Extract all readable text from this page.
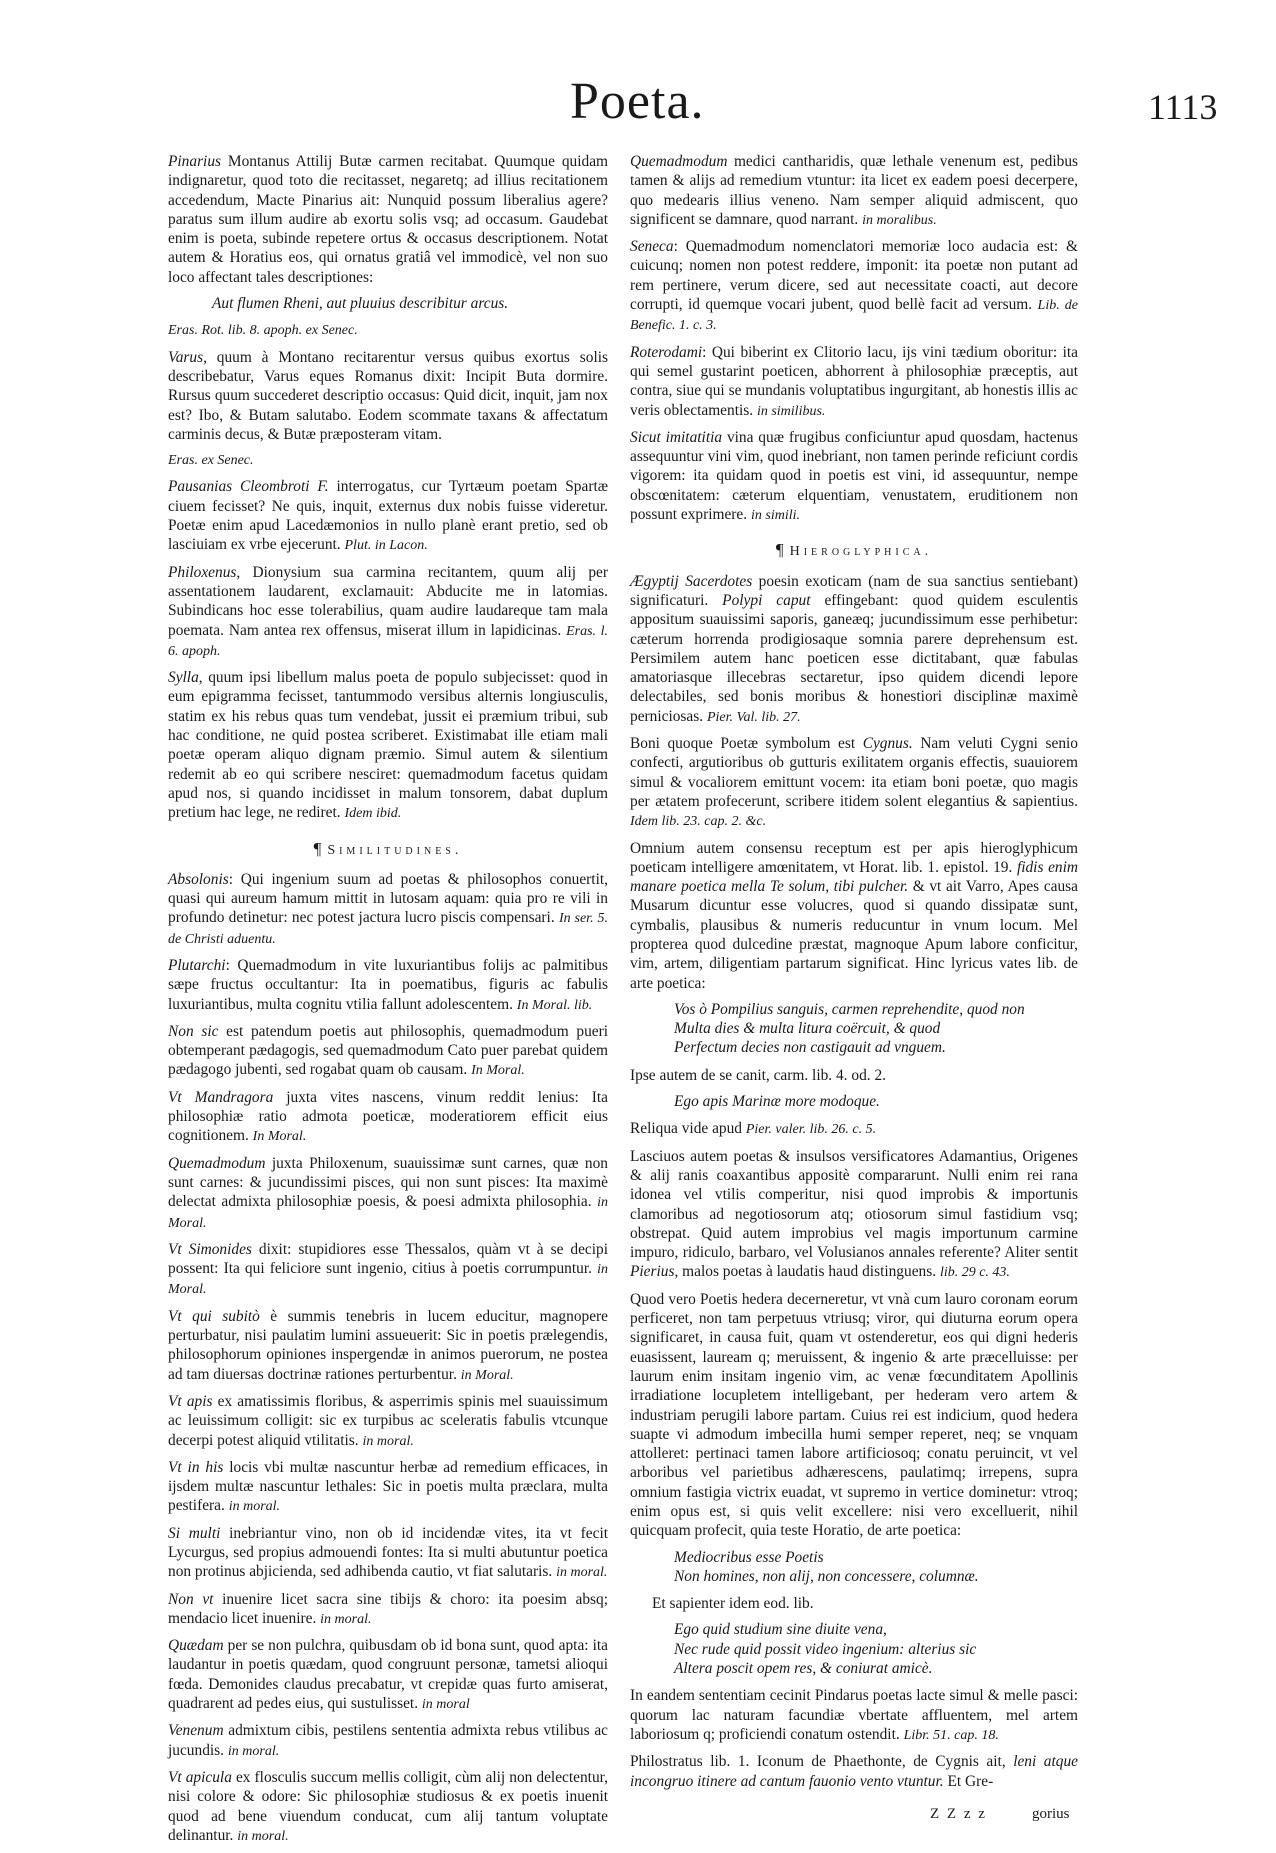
Poeta.	1113

Pinarius Montanus Attilij Butæ carmen recitabat. Quumque quidam indignaretur, quod toto die recitasset, negaretq; ad illius recitationem accedendum, Macte Pinarius ait: Nunquid possum liberalius agere? paratus sum illum audire ab exortu solis vsq; ad occasum. Gaudebat enim is poeta, subinde repetere ortus & occasus descriptionem. Notat autem & Horatius eos, qui ornatus gratiâ vel immodicè, vel non suo loco affectant tales descriptiones:

Aut flumen Rheni, aut pluuius describitur arcus.

Eras. Rot. lib. 8. apoph. ex Senec.

Varus, quum à Montano recitarentur versus quibus exortus solis describebatur, Varus eques Romanus dixit: Incipit Buta dormire. Rursus quum succederet descriptio occasus: Quid dicit, inquit, jam nox est? Ibo, & Butam salutabo. Eodem scommate taxans & affectatum carminis decus, & Butæ præposteram vitam.

Eras. ex Senec.

Pausanias Cleombroti F. interrogatus, cur Tyrtæum poetam Spartæ ciuem fecisset? Ne quis, inquit, externus dux nobis fuisse videretur. Poetæ enim apud Lacedæmonios in nullo planè erant pretio, sed ob lasciuiam ex vrbe ejecerunt. Plut. in Lacon.

Philoxenus, Dionysium sua carmina recitantem, quum alij per assentationem laudarent, exclamauit: Abducite me in latomias. Subindicans hoc esse tolerabilius, quam audire laudareque tam mala poemata. Nam antea rex offensus, miserat illum in lapidicinas. Eras. l. 6. apoph.

Sylla, quum ipsi libellum malus poeta de populo subjecisset: quod in eum epigramma fecisset, tantummodo versibus alternis longiusculis, statim ex his rebus quas tum vendebat, jussit ei præmium tribui, sub hac conditione, ne quid postea scriberet. Existimabat ille etiam mali poetæ operam aliquo dignam præmio. Simul autem & silentium redemit ab eo qui scribere nesciret: quemadmodum facetus quidam apud nos, si quando incidisset in malum tonsorem, dabat duplum pretium hac lege, ne rediret. Idem ibid.

¶ Similitudines.

Absolonis: Qui ingenium suum ad poetas & philosophos conuertit, quasi qui aureum hamum mittit in lutosam aquam: quia pro re vili in profundo detinetur: nec potest jactura lucro piscis compensari. In ser. 5. de Christi aduentu.

Plutarchi: Quemadmodum in vite luxuriantibus folijs ac palmitibus sæpe fructus occultantur: Ita in poematibus, figuris ac fabulis luxuriantibus, multa cognitu vtilia fallunt adolescentem. In Moral. lib.

Non sic est patendum poetis aut philosophis, quemadmodum pueri obtemperant pædagogis, sed quemadmodum Cato puer parebat quidem pædagogo jubenti, sed rogabat quam ob causam. In Moral.

Vt Mandragora juxta vites nascens, vinum reddit lenius: Ita philosophiæ ratio admota poeticæ, moderatiorem efficit eius cognitionem. In Moral.

Quemadmodum juxta Philoxenum, suauissimæ sunt carnes, quæ non sunt carnes: & jucundissimi pisces, qui non sunt pisces: Ita maximè delectat admixta philosophiæ poesis, & poesi admixta philosophia. in Moral.

Vt Simonides dixit: stupidiores esse Thessalos, quàm vt à se decipi possent: Ita qui feliciore sunt ingenio, citius à poetis corrumpuntur. in Moral.

Vt qui subitò è summis tenebris in lucem educitur, magnopere perturbatur, nisi paulatim lumini assueuerit: Sic in poetis prælegendis, philosophorum opiniones inspergendæ in animos puerorum, ne postea ad tam diuersas doctrinæ rationes perturbentur. in Moral.

Vt apis ex amatissimis floribus, & asperrimis spinis mel suauissimum ac leuissimum colligit: sic ex turpibus ac sceleratis fabulis vtcunque decerpi potest aliquid vtilitatis. in moral.

Vt in his locis vbi multæ nascuntur herbæ ad remedium efficaces, in ijsdem multæ nascuntur lethales: Sic in poetis multa præclara, multa pestifera. in moral.

Si multi inebriantur vino, non ob id incidendæ vites, ita vt fecit Lycurgus, sed propius admouendi fontes: Ita si multi abutuntur poetica non protinus abjicienda, sed adhibenda cautio, vt fiat salutaris. in moral.

Non vt inuenire licet sacra sine tibijs & choro: ita poesim absq; mendacio licet inuenire. in moral.

Quædam per se non pulchra, quibusdam ob id bona sunt, quod apta: ita laudantur in poetis quædam, quod congruunt personæ, tametsi alioqui fœda. Demonides claudus precabatur, vt crepidæ quas furto amiserat, quadrarent ad pedes eius, qui sustulisset. in moral

Venenum admixtum cibis, pestilens sententia admixta rebus vtilibus ac jucundis. in moral.

Vt apicula ex flosculis succum mellis colligit, cùm alij non delectentur, nisi colore & odore: Sic philosophiæ studiosus & ex poetis inuenit quod ad bene viuendum conducat, cum alij tantum voluptate delinantur. in moral.

Quemadmodum medici cantharidis, quæ lethale venenum est, pedibus tamen & alijs ad remedium vtuntur: ita licet ex eadem poesi decerpere, quo medearis illius veneno. Nam semper aliquid admiscent, quo significent se damnare, quod narrant. in moralibus.

Seneca: Quemadmodum nomenclatori memoriæ loco audacia est: & cuicunq; nomen non potest reddere, imponit: ita poetæ non putant ad rem pertinere, verum dicere, sed aut necessitate coacti, aut decore corrupti, id quemque vocari jubent, quod bellè facit ad versum. Lib. de Benefic. 1. c. 3.

Roterodami: Qui biberint ex Clitorio lacu, ijs vini tædium oboritur: ita qui semel gustarint poeticen, abhorrent à philosophiæ præceptis, aut contra, siue qui se mundanis voluptatibus ingurgitant, ab honestis illis ac veris oblectamentis. in similibus.

Sicut imitatitia vina quæ frugibus conficiuntur apud quosdam, hactenus assequuntur vini vim, quod inebriant, non tamen perinde reficiunt cordis vigorem: ita quidam quod in poetis est vini, id assequuntur, nempe obscœnitatem: cæterum elquentiam, venustatem, eruditionem non possunt exprimere. in simili.

¶ Hieroglyphica.

Ægyptij Sacerdotes poesin exoticam (nam de sua sanctius sentiebant) significaturi. Polypi caput effingebant: quod quidem esculentis appositum suauissimi saporis, ganeæq; jucundissimum esse perhibetur: cæterum horrenda prodigiosaque somnia parere deprehensum est. Persimilem autem hanc poeticen esse dictitabant, quæ fabulas amatoriasque illecebras sectaretur, ipso quidem dicendi lepore delectabiles, sed bonis moribus & honestiori disciplinæ maximè perniciosas. Pier. Val. lib. 27.

Boni quoque Poetæ symbolum est Cygnus. Nam veluti Cygni senio confecti, argutioribus ob gutturis exilitatem organis effectis, suauiorem simul & vocaliorem emittunt vocem: ita etiam boni poetæ, quo magis per ætatem profecerunt, scribere itidem solent elegantius & sapientius. Idem lib. 23. cap. 2. &c.

Omnium autem consensu receptum est per apis hieroglyphicum poeticam intelligere amœnitatem, vt Horat. lib. 1. epistol. 19. fidis enim manare poetica mella Te solum, tibi pulcher. & vt ait Varro, Apes causa Musarum dicuntur esse volucres, quod si quando dissipatæ sunt, cymbalis, plausibus & numeris reducuntur in vnum locum. Mel propterea quod dulcedine præstat, magnoque Apum labore conficitur, vim, artem, diligentiam partarum significat. Hinc lyricus vates lib. de arte poetica:

Vos ò Pompilius sanguis, carmen reprehendite, quod non
Multa dies & multa litura coërcuit, & quod
Perfectum decies non castigauit ad vnguem.

Ipse autem de se canit, carm. lib. 4. od. 2.

Ego apis Marinæ more modoque.

Reliqua vide apud Pier. valer. lib. 26. c. 5.

Lasciuos autem poetas & insulsos versificatores Adamantius, Origenes & alij ranis coaxantibus appositè compararunt. Nulli enim rei rana idonea vel vtilis comperitur, nisi quod improbis & importunis clamoribus ad negotiosorum atq; otiosorum simul fastidium vsq; obstrepat. Quid autem improbius vel magis importunum carmine impuro, ridiculo, barbaro, vel Volusianos annales referente? Aliter sentit Pierius, malos poetas à laudatis haud distinguens. lib. 29 c. 43.

Quod vero Poetis hedera decerneretur, vt vnà cum lauro coronam eorum perficeret, non tam perpetuus vtriusq; viror, qui diuturna eorum opera significaret, in causa fuit, quam vt ostenderetur, eos qui digni hederis euasissent, lauream q; meruissent, & ingenio & arte præcelluisse: per laurum enim insitam ingenio vim, ac venæ fœcunditatem Apollinis irradiatione locupletem intelligebant, per hederam vero artem & industriam perugili labore partam. Cuius rei est indicium, quod hedera suapte vi admodum imbecilla humi semper reperet, neq; se vnquam attolleret: pertinaci tamen labore artificiosoq; conatu peruincit, vt vel arboribus vel parietibus adhærescens, paulatimq; irrepens, supra omnium fastigia victrix euadat, vt supremo in vertice dominetur: vtroq; enim opus est, si quis velit excellere: nisi vero excelluerit, nihil quicquam profecit, quia teste Horatio, de arte poetica:

Mediocribus esse Poetis
Non homines, non alij, non concessere, columnæ.

Et sapienter idem eod. lib.

Ego quid studium sine diuite vena,
Nec rude quid possit video ingenium: alterius sic
Altera poscit opem res, & coniurat amicè.

In eandem sententiam cecinit Pindarus poetas lacte simul & melle pasci: quorum lac naturam facundiæ vbertate affluentem, mel artem laboriosum q; proficiendi conatum ostendit. Libr. 51. cap. 18.

Philostratus lib. 1. Iconum de Phaethonte, de Cygnis ait, leni atque incongruo itinere ad cantum fauonio vento vtuntur. Et Gre-

Z Z z z	gorius
